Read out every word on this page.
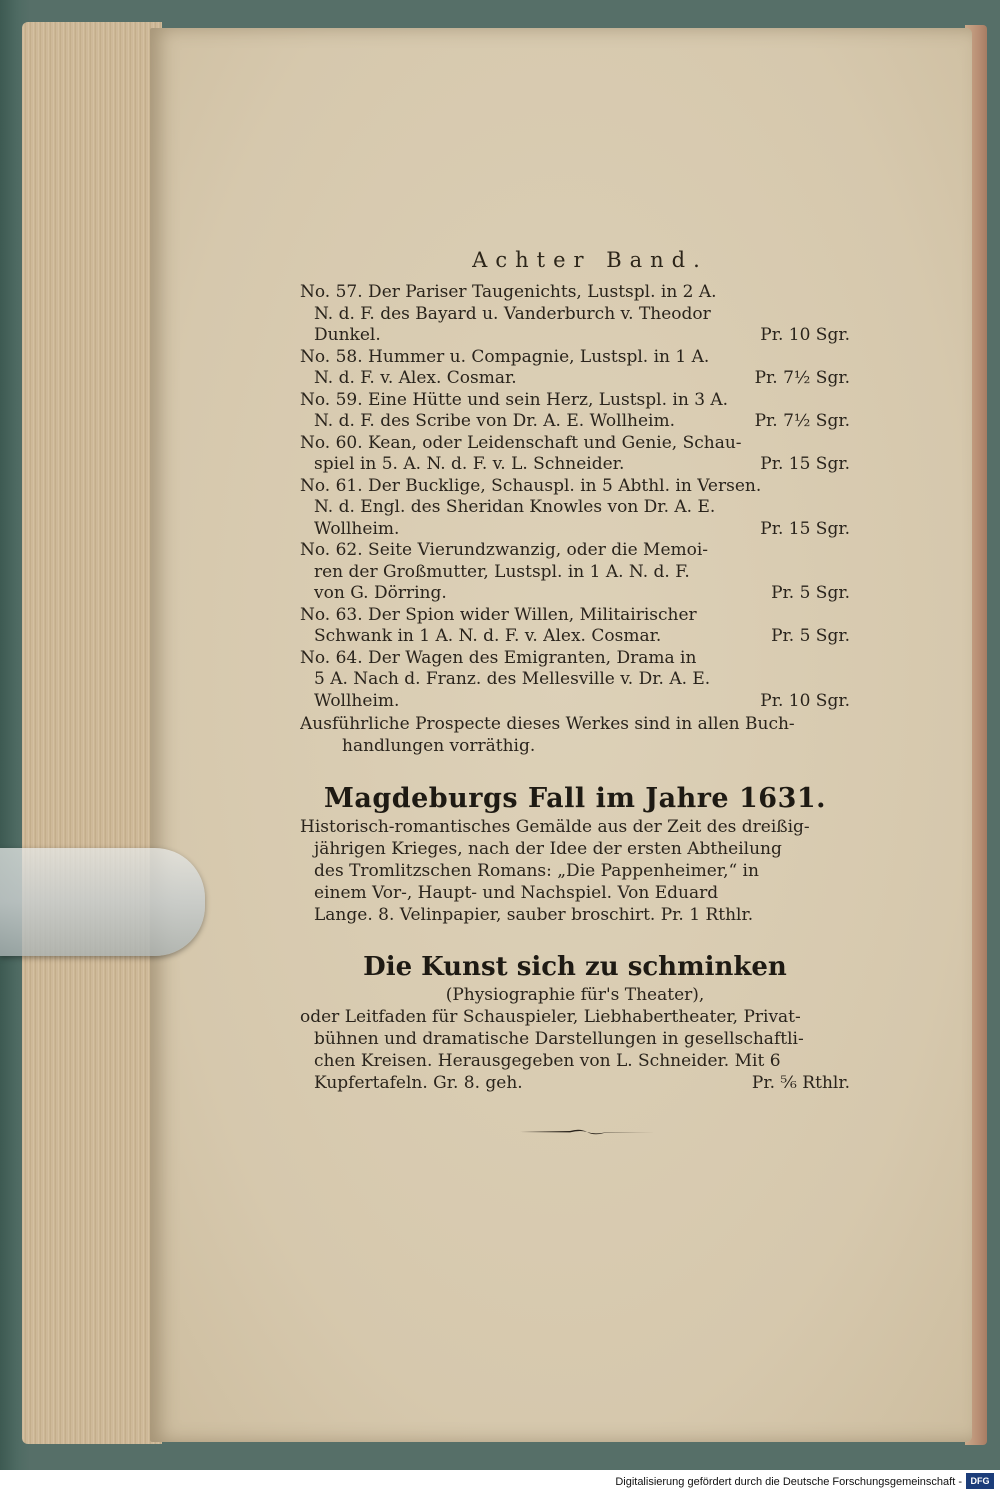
Achter Band.
No. 57. Der Pariser Taugenichts, Lustspl. in 2 A.
N. d. F. des Bayard u. Vanderburch v. Theodor
Dunkel.	Pr. 10 Sgr.
No. 58. Hummer u. Compagnie, Lustspl. in 1 A.
N. d. F. v. Alex. Cosmar.	Pr. 7½ Sgr.
No. 59. Eine Hütte und sein Herz, Lustspl. in 3 A.
N. d. F. des Scribe von Dr. A. E. Wollheim.	Pr. 7½ Sgr.
No. 60. Kean, oder Leidenschaft und Genie, Schau-
spiel in 5. A. N. d. F. v. L. Schneider.	Pr. 15 Sgr.
No. 61. Der Bucklige, Schauspl. in 5 Abthl. in Versen.
N. d. Engl. des Sheridan Knowles von Dr. A. E.
Wollheim.	Pr. 15 Sgr.
No. 62. Seite Vierundzwanzig, oder die Memoi-
ren der Großmutter, Lustspl. in 1 A. N. d. F.
von G. Dörring.	Pr. 5 Sgr.
No. 63. Der Spion wider Willen, Militairischer
Schwank in 1 A. N. d. F. v. Alex. Cosmar.	Pr. 5 Sgr.
No. 64. Der Wagen des Emigranten, Drama in
5 A. Nach d. Franz. des Mellesville v. Dr. A. E.
Wollheim.	Pr. 10 Sgr.
Ausführliche Prospecte dieses Werkes sind in allen Buch-
handlungen vorräthig.
Magdeburgs Fall im Jahre 1631.
Historisch-romantisches Gemälde aus der Zeit des dreißig-
jährigen Krieges, nach der Idee der ersten Abtheilung
des Tromlitzschen Romans: „Die Pappenheimer,“ in
einem Vor-, Haupt- und Nachspiel. Von Eduard
Lange. 8. Velinpapier, sauber broschirt. Pr. 1 Rthlr.
Die Kunst sich zu schminken
(Physiographie für's Theater),
oder Leitfaden für Schauspieler, Liebhabertheater, Privat-
bühnen und dramatische Darstellungen in gesellschaftli-
chen Kreisen. Herausgegeben von L. Schneider. Mit 6
Kupfertafeln. Gr. 8. geh.	Pr. ⅚ Rthlr.
Digitalisierung gefördert durch die Deutsche Forschungsgemeinschaft - DFG
